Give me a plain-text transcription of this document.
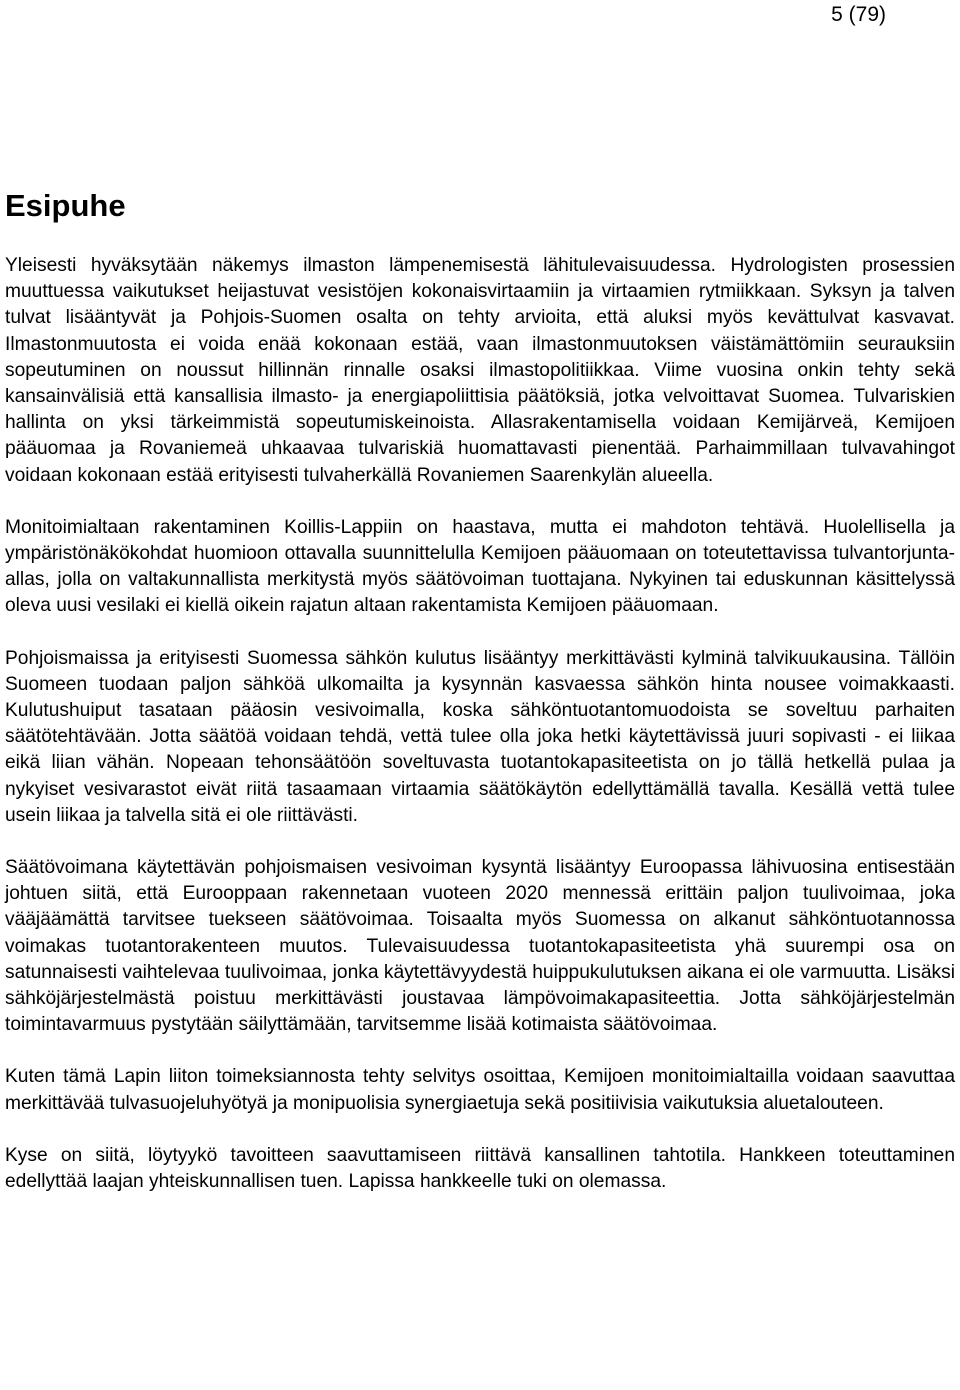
5 (79)
Esipuhe

Yleisesti hyväksytään näkemys ilmaston lämpenemisestä lähitulevaisuudessa. Hydrologisten prosessien muuttuessa vaikutukset heijastuvat vesistöjen kokonaisvirtaamiin ja virtaamien rytmiikkaan. Syksyn ja talven tulvat lisääntyvät ja Pohjois-Suomen osalta on tehty arvioita, että aluksi myös kevättulvat kasvavat. Ilmastonmuutosta ei voida enää kokonaan estää, vaan ilmastonmuutoksen väistämättömiin seurauksiin sopeutuminen on noussut hillinnän rinnalle osaksi ilmastopolitiikkaa. Viime vuosina onkin tehty sekä kansainvälisiä että kansallisia ilmasto- ja energiapoliittisia päätöksiä, jotka velvoittavat Suomea. Tulvariskien hallinta on yksi tärkeimmistä sopeutumiskeinoista. Allasrakentamisella voidaan Kemijärveä, Kemijoen pääuomaa ja Rovaniemeä uhkaavaa tulvariskiä huomattavasti pienentää. Parhaimmillaan tulvavahingot voidaan kokonaan estää erityisesti tulvaherkällä Rovaniemen Saarenkylän alueella.

Monitoimialtaan rakentaminen Koillis-Lappiin on haastava, mutta ei mahdoton tehtävä. Huolellisella ja ympäristönäkökohdat huomioon ottavalla suunnittelulla Kemijoen pääuomaan on toteutettavissa tulvantorjunta-allas, jolla on valtakunnallista merkitystä myös säätövoiman tuottajana. Nykyinen tai eduskunnan käsittelyssä oleva uusi vesilaki ei kiellä oikein rajatun altaan rakentamista Kemijoen pääuomaan.

Pohjoismaissa ja erityisesti Suomessa sähkön kulutus lisääntyy merkittävästi kylminä talvikuukausina. Tällöin Suomeen tuodaan paljon sähköä ulkomailta ja kysynnän kasvaessa sähkön hinta nousee voimakkaasti. Kulutushuiput tasataan pääosin vesivoimalla, koska sähköntuotantomuodoista se soveltuu parhaiten säätötehtävään. Jotta säätöä voidaan tehdä, vettä tulee olla joka hetki käytettävissä juuri sopivasti - ei liikaa eikä liian vähän. Nopeaan tehonsäätöön soveltuvasta tuotantokapasiteetista on jo tällä hetkellä pulaa ja nykyiset vesivarastot eivät riitä tasaamaan virtaamia säätökäytön edellyttämällä tavalla. Kesällä vettä tulee usein liikaa ja talvella sitä ei ole riittävästi.

Säätövoimana käytettävän pohjoismaisen vesivoiman kysyntä lisääntyy Euroopassa lähivuosina entisestään johtuen siitä, että Eurooppaan rakennetaan vuoteen 2020 mennessä erittäin paljon tuulivoimaa, joka vääjäämättä tarvitsee tuekseen säätövoimaa. Toisaalta myös Suomessa on alkanut sähköntuotannossa voimakas tuotantorakenteen muutos. Tulevaisuudessa tuotantokapasiteetista yhä suurempi osa on satunnaisesti vaihtelevaa tuulivoimaa, jonka käytettävyydestä huippukulutuksen aikana ei ole varmuutta. Lisäksi sähköjärjestelmästä poistuu merkittävästi joustavaa lämpövoimakapasiteettia. Jotta sähköjärjestelmän toimintavarmuus pystytään säilyttämään, tarvitsemme lisää kotimaista säätövoimaa.

Kuten tämä Lapin liiton toimeksiannosta tehty selvitys osoittaa, Kemijoen monitoimialtailla voidaan saavuttaa merkittävää tulvasuojeluhyötyä ja monipuolisia synergiaetuja sekä positiivisia vaikutuksia aluetalouteen.

Kyse on siitä, löytyykö tavoitteen saavuttamiseen riittävä kansallinen tahtotila. Hankkeen toteuttaminen edellyttää laajan yhteiskunnallisen tuen. Lapissa hankkeelle tuki on olemassa.
